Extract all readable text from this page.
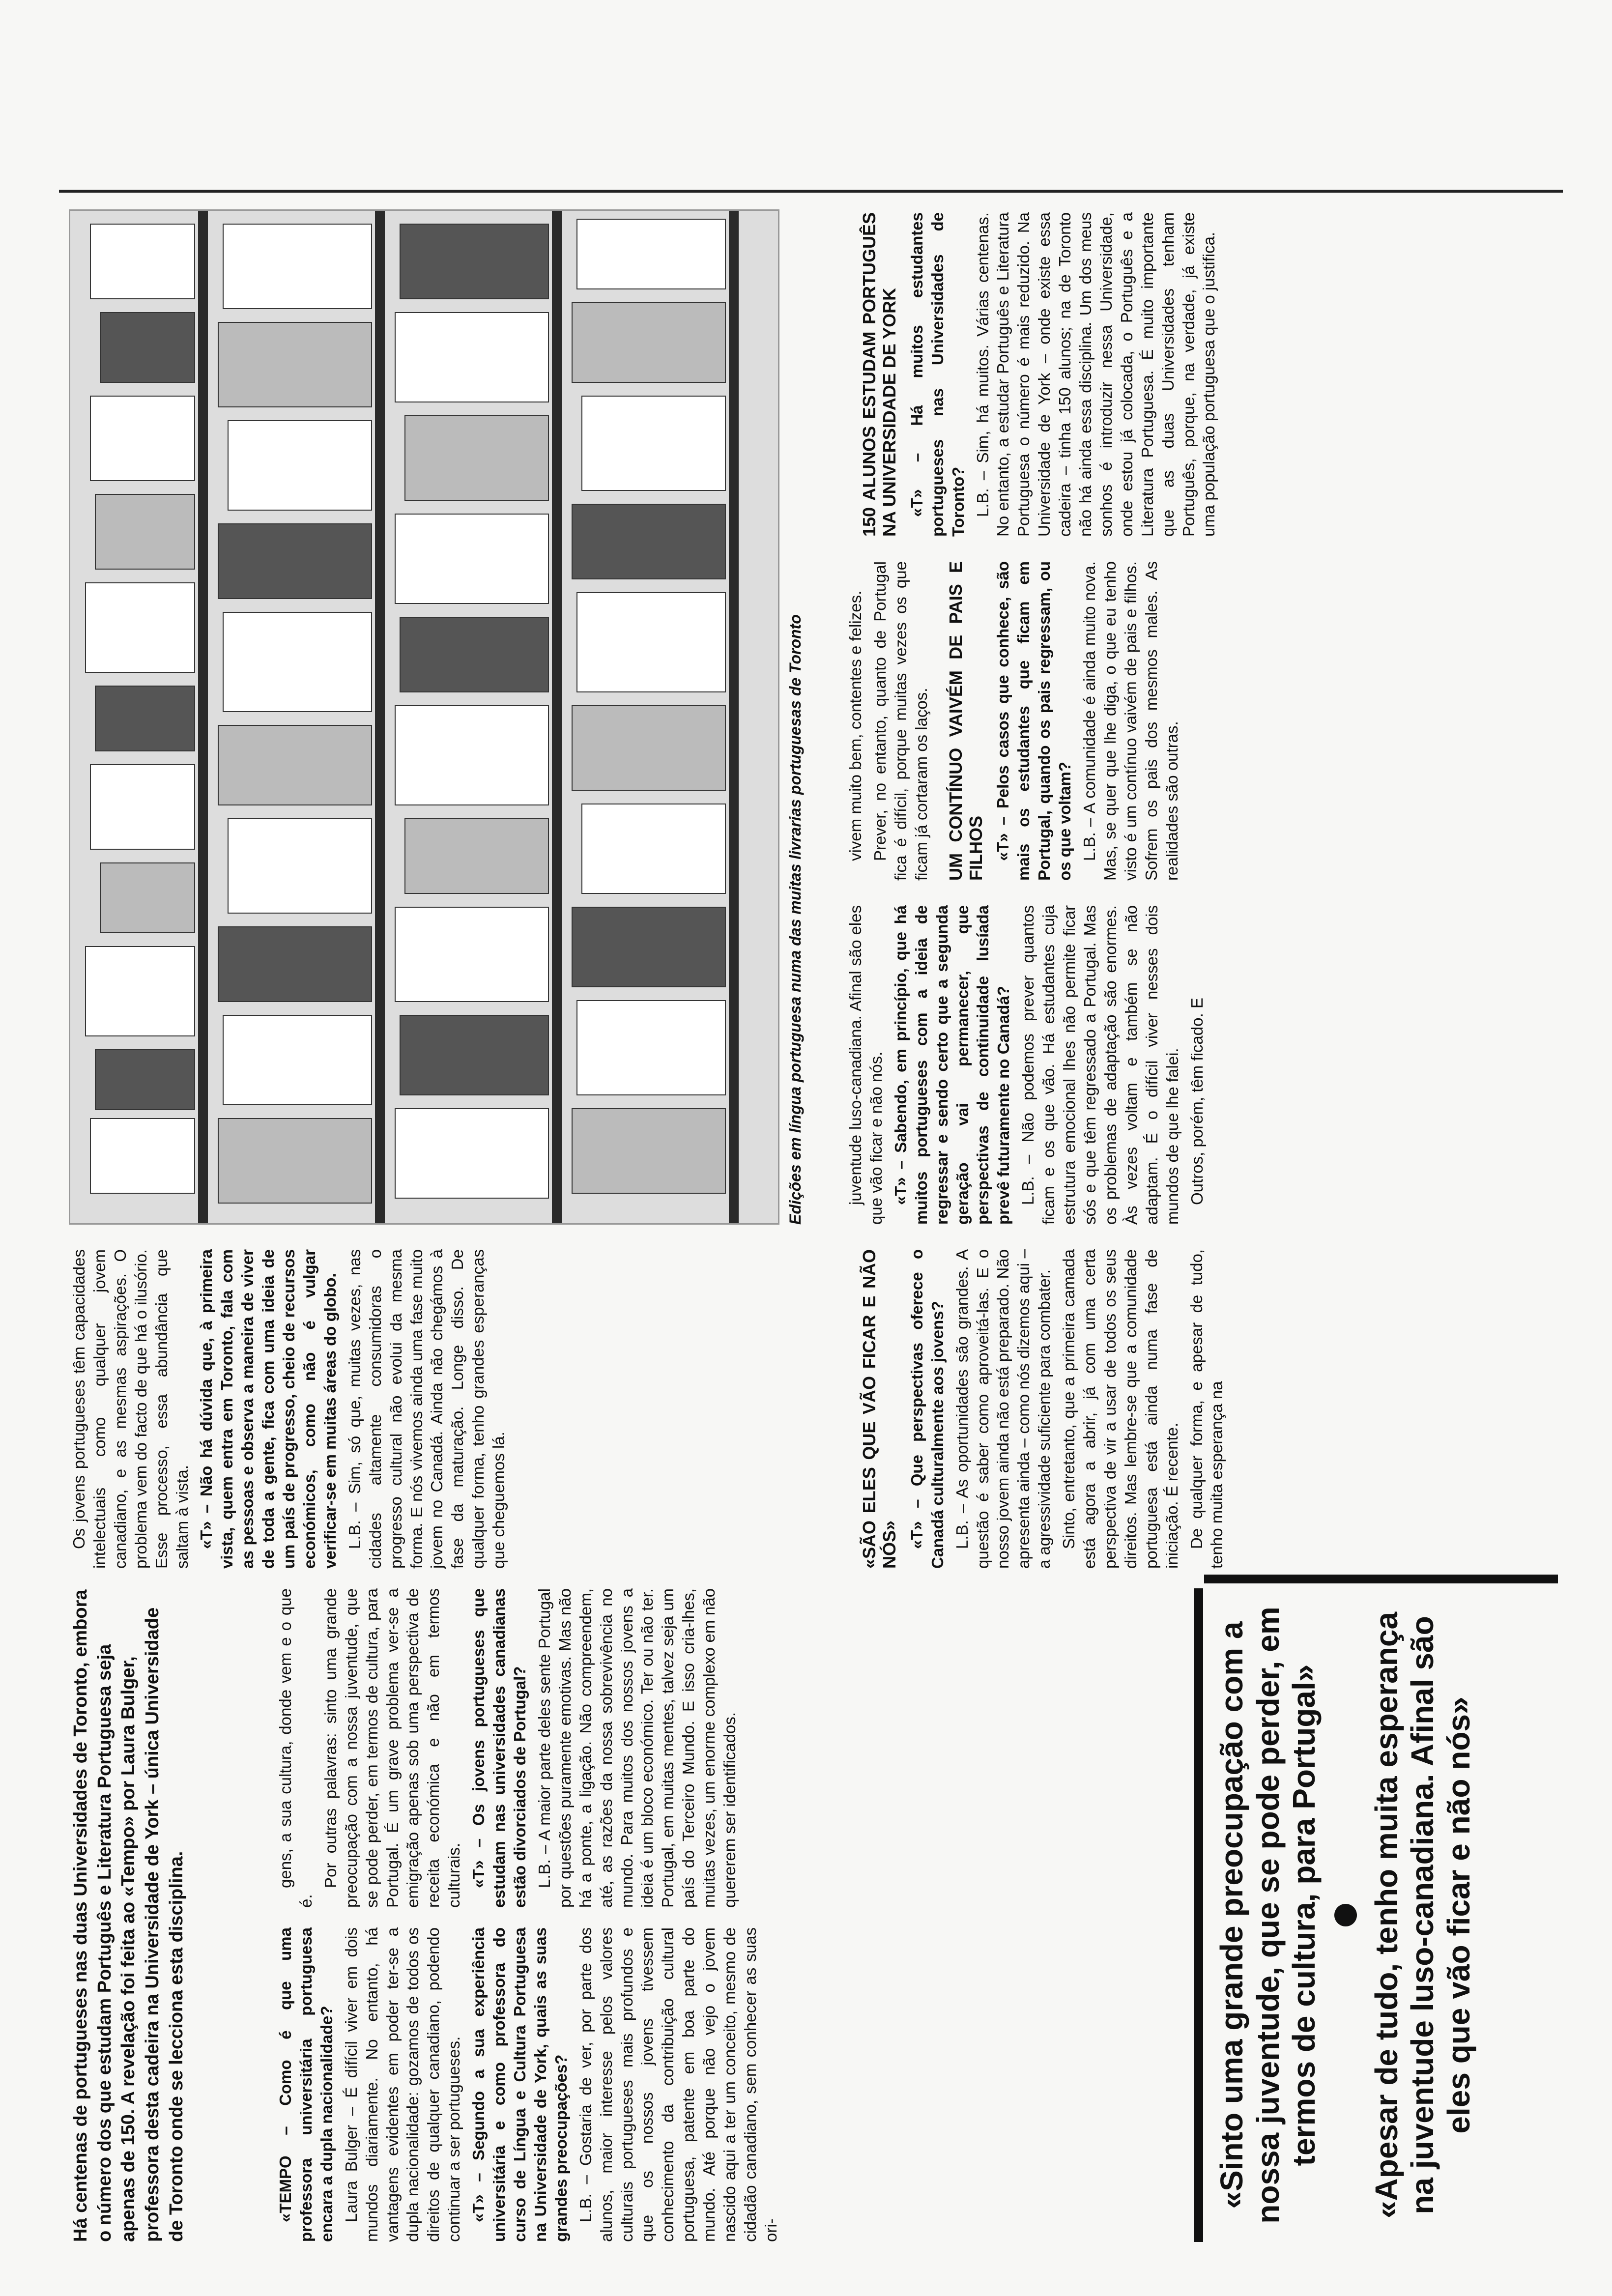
Há centenas de portugueses nas duas Universidades de Toronto, embora o número dos que estudam Português e Literatura Portuguesa seja apenas de 150. A revelação foi feita ao «Tempo» por Laura Bulger, professora desta cadeira na Universidade de York – única Universidade de Toronto onde se lecciona esta disciplina.	«TEMPO – Como é que uma professora universitária portuguesa encara a dupla nacionalidade? Laura Bulger – É difícil viver em dois mundos diariamente. No entanto, há vantagens evidentes em poder ter-se a dupla nacionalidade: gozamos de todos os direitos de qualquer canadiano, podendo continuar a ser portugueses. «T» – Segundo a sua experiência universitária e como professora do curso de Língua e Cultura Portuguesa na Universidade de York, quais as suas grandes preocupações? L.B. – Gostaria de ver, por parte dos alunos, maior interesse pelos valores culturais portugueses mais profundos e que os nossos jovens tivessem conhecimento da contribuição cultural portuguesa, patente em boa parte do mundo. Até porque não vejo o jovem nascido aqui a ter um conceito, mesmo de cidadão canadiano, sem conhecer as suas ori-

gens, a sua cultura, donde vem e o que é.

Por outras palavras: sinto uma grande preocupação com a nossa juventude, que se pode perder, em termos de cultura, para Portugal. É um grave problema ver-se a emigração apenas sob uma perspectiva de receita económica e não em termos culturais. «T» – Os jovens portugueses que estudam nas universidades canadianas estão divorciados de Portugal? L.B. – A maior parte deles sente Portugal por questões puramente emotivas. Mas não há a ponte, a ligação. Não compreendem, até, as razões da nossa sobrevivência no mundo. Para muitos dos nossos jovens a ideia é um bloco económico. Ter ou não ter. Portugal, em muitas mentes, talvez seja um país do Terceiro Mundo. E isso cria-lhes, muitas vezes, um enorme complexo em não quererem ser identificados.	«Sinto uma grande preocupação com a nossa juventude, que se pode perder, em termos de cultura, para Portugal» «Apesar de tudo, tenho muita esperança na juventude luso-canadiana. Afinal são eles que vão ficar e não nós»

Os jovens portugueses têm capacidades intelectuais como qualquer jovem canadiano, e as mesmas aspirações. O problema vem do facto de que há o ilusório. Esse processo, essa abundância que saltam à vista. «T» – Não há dúvida que, à primeira vista, quem entra em Toronto, fala com as pessoas e observa a maneira de viver de toda a gente, fica com uma ideia de um país de progresso, cheio de recursos económicos, como não é vulgar verificar-se em muitas áreas do globo. L.B. – Sim, só que, muitas vezes, nas cidades altamente consumidoras o progresso cultural não evolui da mesma forma. E nós vivemos ainda uma fase muito jovem no Canadá. Ainda não chegámos à fase da maturação. Longe disso. De qualquer forma, tenho grandes esperanças que cheguemos lá.	«SÃO ELES QUE VÃO FICAR E NÃO NÓS» «T» – Que perspectivas oferece o Canadá culturalmente aos jovens? L.B. – As oportunidades são grandes. A questão é saber como aproveitá-las. E o nosso jovem ainda não está preparado. Não apresenta ainda – como nós dizemos aqui – a agressividade suficiente para combater. Sinto, entretanto, que a primeira camada está agora a abrir, já com uma certa perspectiva de vir a usar de todos os seus direitos. Mas lembre-se que a comunidade portuguesa está ainda numa fase de iniciação. É recente. De qualquer forma, e apesar de tudo, tenho muita esperança na

Edições em língua portuguesa numa das muitas livrarias portuguesas de Toronto	juventude luso-canadiana. Afinal são eles que vão ficar e não nós. «T» – Sabendo, em princípio, que há muitos portugueses com a ideia de regressar e sendo certo que a segunda geração vai permanecer, que perspectivas de continuidade lusíada prevê futuramente no Canadá? L.B. – Não podemos prever quantos ficam e os que vão. Há estudantes cuja estrutura emocional lhes não permite ficar sós e que têm regressado a Portugal. Mas os problemas de adaptação são enormes. Às vezes voltam e também se não adaptam. É o difícil viver nesses dois mundos de que lhe falei. Outros, porém, têm ficado. E

vivem muito bem, contentes e felizes. Prever, no entanto, quanto de Portugal fica é difícil, porque muitas vezes os que ficam já cortaram os laços. UM CONTÍNUO VAIVÉM DE PAIS E FILHOS «T» – Pelos casos que conhece, são mais os estudantes que ficam em Portugal, quando os pais regressam, ou os que voltam? L.B. – A comunidade é ainda muito nova. Mas, se quer que lhe diga, o que eu tenho visto é um contínuo vaivém de pais e filhos. Sofrem os pais dos mesmos males. As realidades são outras.

150 ALUNOS ESTUDAM PORTUGUÊS NA UNIVERSIDADE DE YORK «T» – Há muitos estudantes portugueses nas Universidades de Toronto? L.B. – Sim, há muitos. Várias centenas. No entanto, a estudar Português e Literatura Portuguesa o número é mais reduzido. Na Universidade de York – onde existe essa cadeira – tinha 150 alunos; na de Toronto não há ainda essa disciplina. Um dos meus sonhos é introduzir nessa Universidade, onde estou já colocada, o Português e a Literatura Portuguesa. É muito importante que as duas Universidades tenham Português, porque, na verdade, já existe uma população portuguesa que o justifica.
